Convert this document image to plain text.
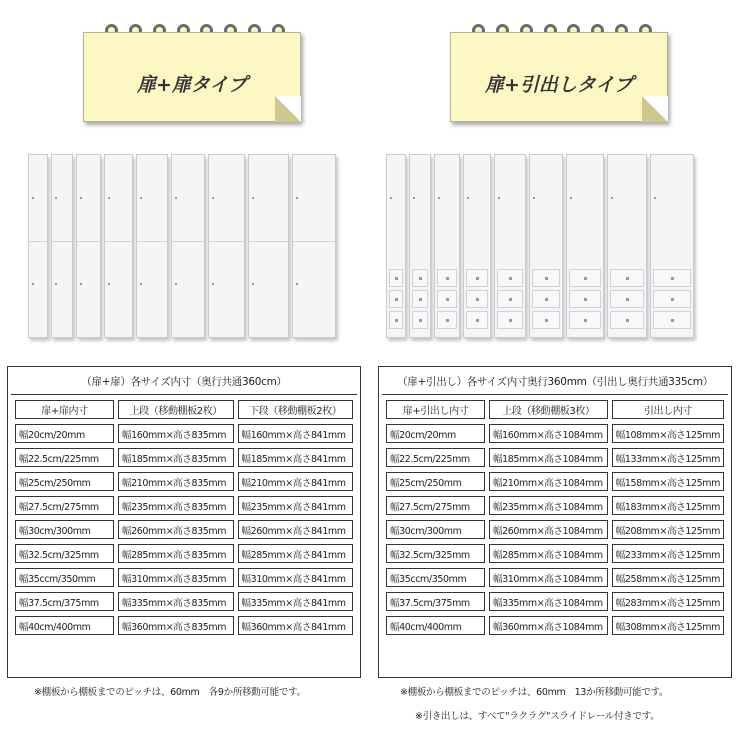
扉+扉タイプ	扉+引出しタイプ
（扉+扉）各サイズ内寸（奥行共通360cm）
扉+扉内寸	上段（移動棚板2枚）	下段（移動棚板2枚）
幅20cm/20mm	幅160mm×高さ835mm	幅160mm×高さ841mm
幅22.5cm/225mm	幅185mm×高さ835mm	幅185mm×高さ841mm
幅25cm/250mm	幅210mm×高さ835mm	幅210mm×高さ841mm
幅27.5cm/275mm	幅235mm×高さ835mm	幅235mm×高さ841mm
幅30cm/300mm	幅260mm×高さ835mm	幅260mm×高さ841mm
幅32.5cm/325mm	幅285mm×高さ835mm	幅285mm×高さ841mm
幅35ccm/350mm	幅310mm×高さ835mm	幅310mm×高さ841mm
幅37.5cm/375mm	幅335mm×高さ835mm	幅335mm×高さ841mm
幅40cm/400mm	幅360mm×高さ835mm	幅360mm×高さ841mm
※棚板から棚板までのピッチは、60mm　各9か所移動可能です。
（扉+引出し）各サイズ内寸奥行360mm（引出し奥行共通335cm）
扉+引出し内寸	上段（移動棚板3枚）	引出し内寸
幅20cm/20mm	幅160mm×高さ1084mm	幅108mm×高さ125mm
幅22.5cm/225mm	幅185mm×高さ1084mm	幅133mm×高さ125mm
幅25cm/250mm	幅210mm×高さ1084mm	幅158mm×高さ125mm
幅27.5cm/275mm	幅235mm×高さ1084mm	幅183mm×高さ125mm
幅30cm/300mm	幅260mm×高さ1084mm	幅208mm×高さ125mm
幅32.5cm/325mm	幅285mm×高さ1084mm	幅233mm×高さ125mm
幅35ccm/350mm	幅310mm×高さ1084mm	幅258mm×高さ125mm
幅37.5cm/375mm	幅335mm×高さ1084mm	幅283mm×高さ125mm
幅40cm/400mm	幅360mm×高さ1084mm	幅308mm×高さ125mm
※棚板から棚板までのピッチは、60mm　13か所移動可能です。
※引き出しは、すべて"ラクラグ"スライドレール付きです。
